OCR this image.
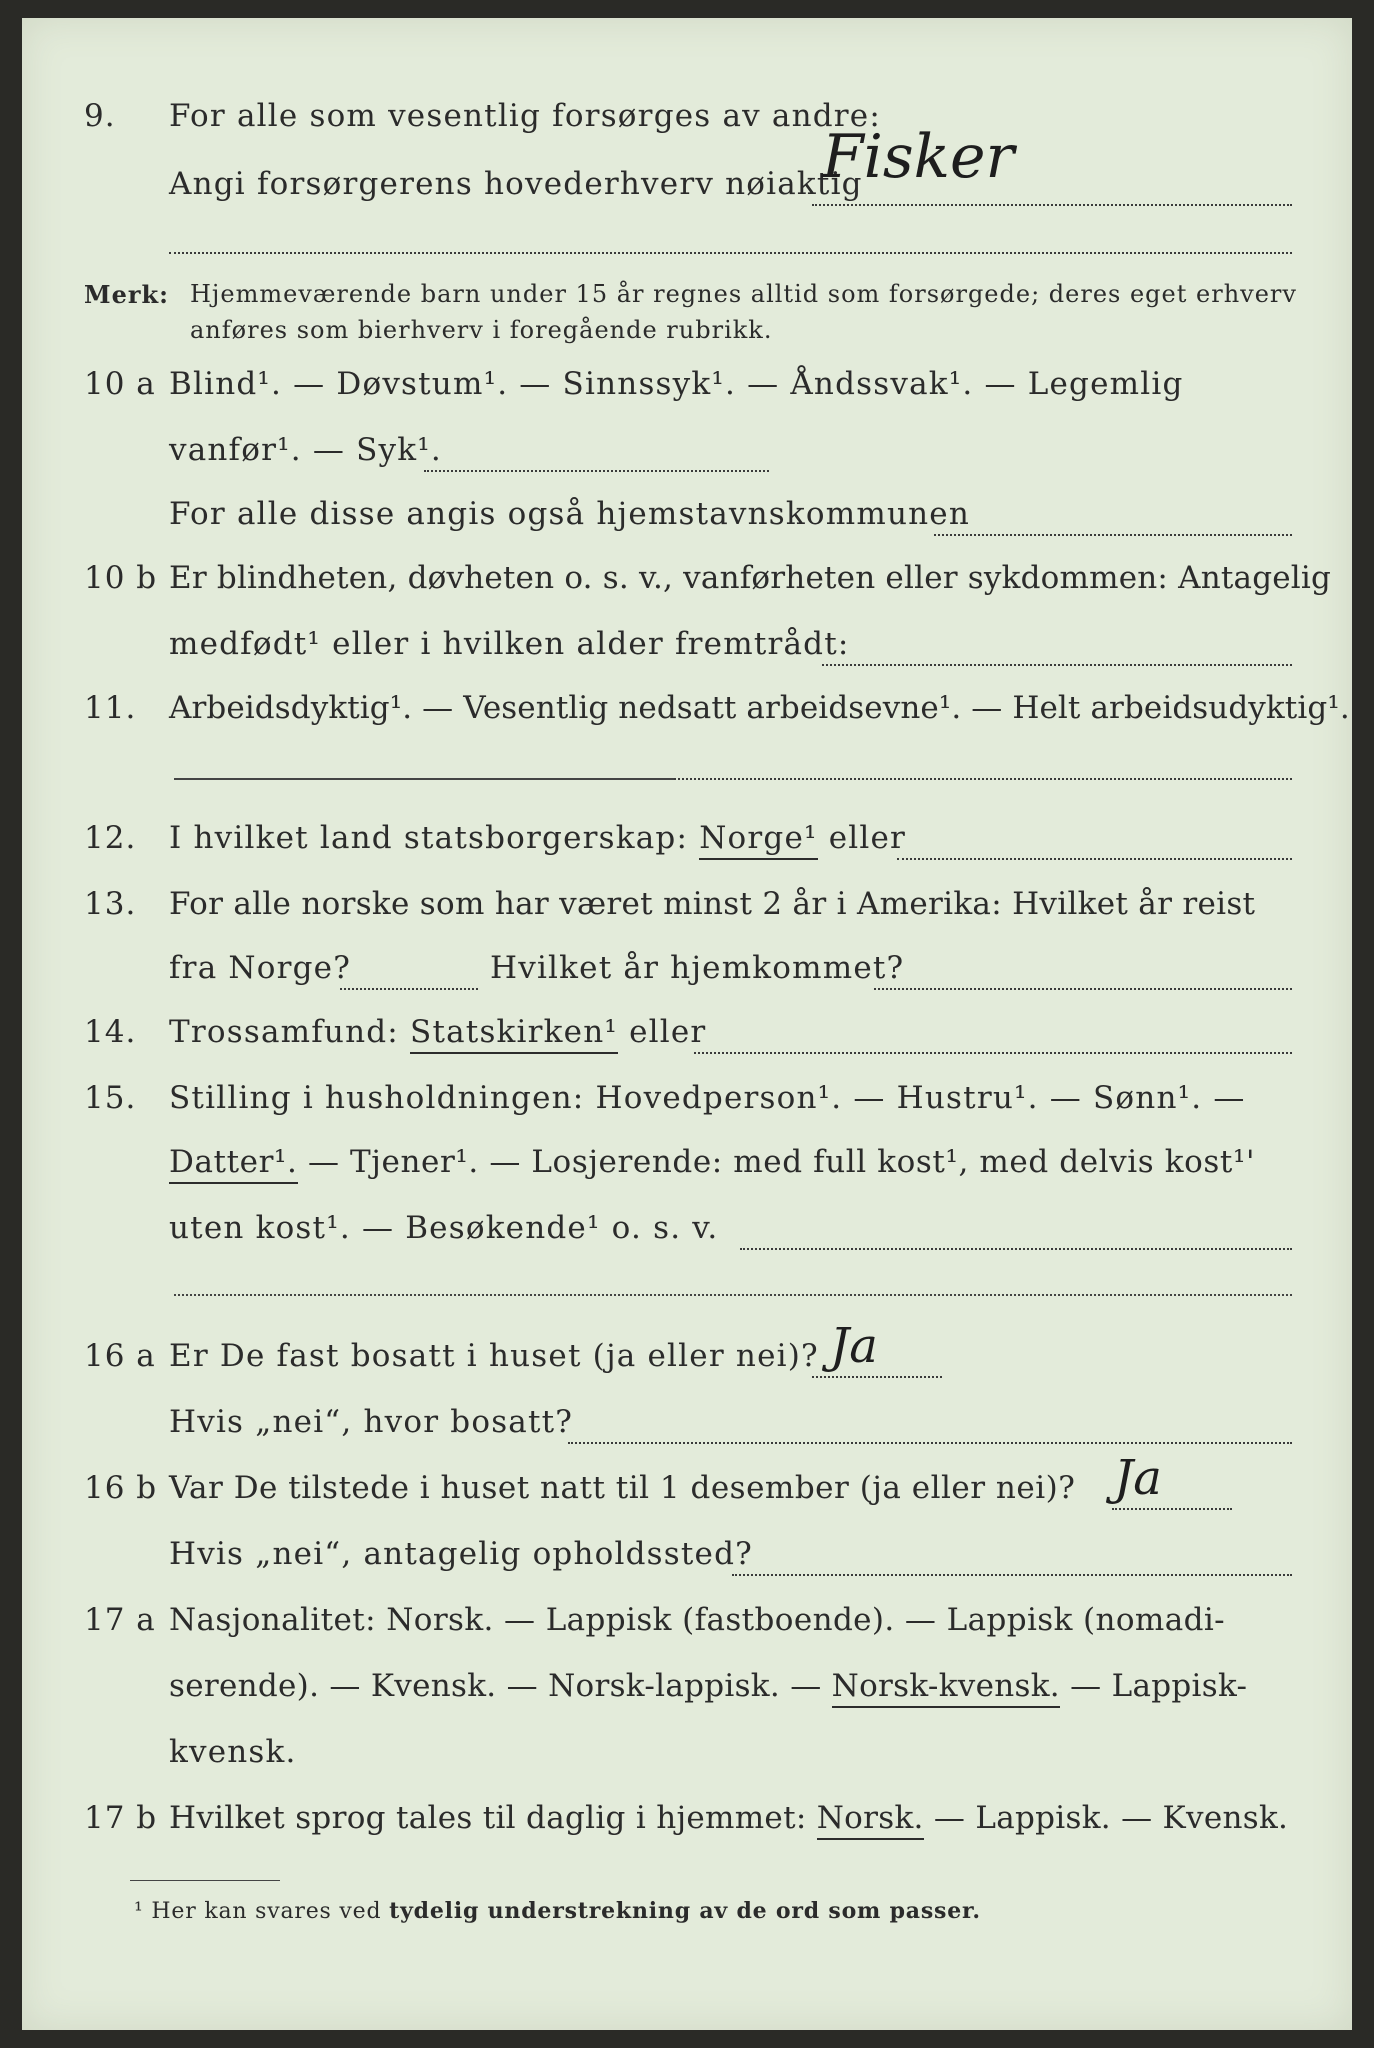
9. For alle som vesentlig forsørges av andre:
Angi forsørgerens hovederhverv nøiaktig
Fisker
Merk: Hjemmeværende barn under 15 år regnes alltid som forsørgede; deres eget erhverv
anføres som bierhverv i foregående rubrikk.
10 a Blind¹. — Døvstum¹. — Sinnssyk¹. — Åndssvak¹. — Legemlig
vanfør¹. — Syk¹.
For alle disse angis også hjemstavnskommunen
10 b Er blindheten, døvheten o. s. v., vanførheten eller sykdommen: Antagelig
medfødt¹ eller i hvilken alder fremtrådt:
11. Arbeidsdyktig¹. — Vesentlig nedsatt arbeidsevne¹. — Helt arbeidsudyktig¹.
12. I hvilket land statsborgerskap: Norge¹ eller
13. For alle norske som har været minst 2 år i Amerika: Hvilket år reist
fra Norge?	Hvilket år hjemkommet?
14. Trossamfund: Statskirken¹ eller
15. Stilling i husholdningen: Hovedperson¹. — Hustru¹. — Sønn¹. —
Datter¹. — Tjener¹. — Losjerende: med full kost¹, med delvis kost¹'
uten kost¹. — Besøkende¹ o. s. v.
16 a Er De fast bosatt i huset (ja eller nei)? Ja
Hvis „nei“, hvor bosatt?
16 b Var De tilstede i huset natt til 1 desember (ja eller nei)? Ja
Hvis „nei“, antagelig opholdssted?
17 a Nasjonalitet: Norsk. — Lappisk (fastboende). — Lappisk (nomadi-
serende). — Kvensk. — Norsk-lappisk. — Norsk-kvensk. — Lappisk-
kvensk.
17 b Hvilket sprog tales til daglig i hjemmet: Norsk. — Lappisk. — Kvensk.
¹ Her kan svares ved tydelig understrekning av de ord som passer.
